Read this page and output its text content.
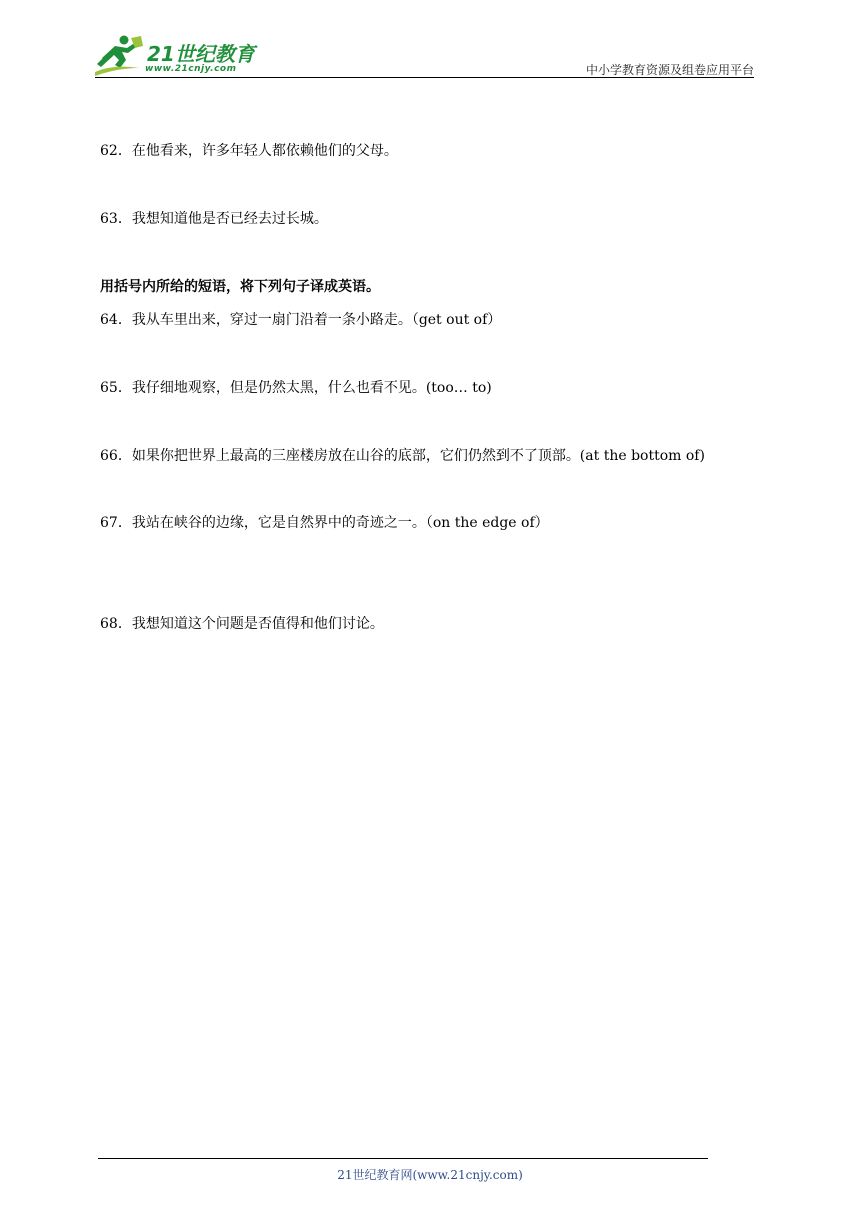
21世纪教育
www.21cnjy.com	中小学教育资源及组卷应用平台
62．在他看来，许多年轻人都依赖他们的父母。
63．我想知道他是否已经去过长城。
用括号内所给的短语，将下列句子译成英语。
64．我从车里出来，穿过一扇门沿着一条小路走。（get out of）
65．我仔细地观察，但是仍然太黑，什么也看不见。(too… to)
66．如果你把世界上最高的三座楼房放在山谷的底部，它们仍然到不了顶部。(at the bottom of)
67．我站在峡谷的边缘，它是自然界中的奇迹之一。（on the edge of）
68．我想知道这个问题是否值得和他们讨论。
21世纪教育网(www.21cnjy.com)
